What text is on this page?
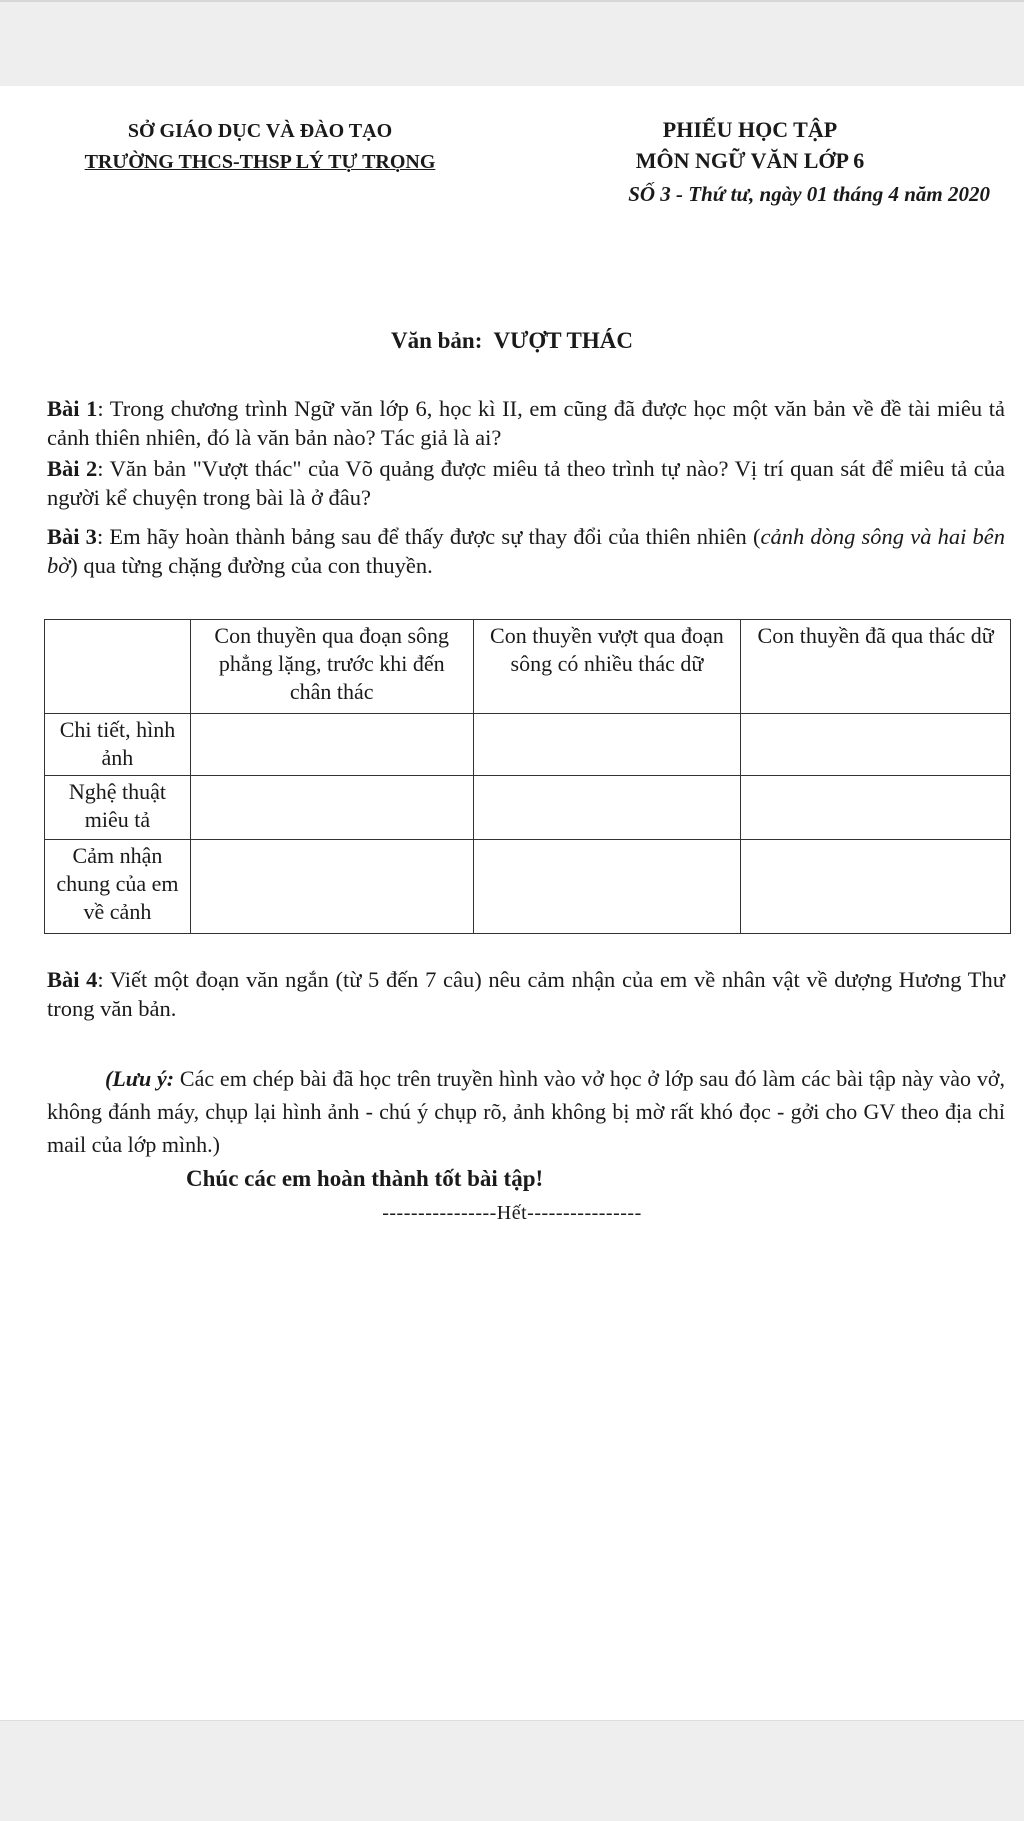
SỞ GIÁO DỤC VÀ ĐÀO TẠO
TRƯỜNG THCS-THSP LÝ TỰ TRỌNG
PHIẾU HỌC TẬP
MÔN NGỮ VĂN LỚP 6
SỐ 3 - Thứ tư, ngày 01 tháng 4 năm 2020
Văn bản: VƯỢT THÁC
Bài 1: Trong chương trình Ngữ văn lớp 6, học kì II, em cũng đã được học một văn bản về đề tài miêu tả cảnh thiên nhiên, đó là văn bản nào? Tác giả là ai?
Bài 2: Văn bản "Vượt thác" của Võ quảng được miêu tả theo trình tự nào? Vị trí quan sát để miêu tả của người kể chuyện trong bài là ở đâu?
Bài 3: Em hãy hoàn thành bảng sau để thấy được sự thay đổi của thiên nhiên (cảnh dòng sông và hai bên bờ) qua từng chặng đường của con thuyền.
	Con thuyền qua đoạn sông phẳng lặng, trước khi đến chân thác	Con thuyền vượt qua đoạn sông có nhiều thác dữ	Con thuyền đã qua thác dữ
Chi tiết, hình ảnh			
Nghệ thuật miêu tả			
Cảm nhận chung của em về cảnh			
Bài 4: Viết một đoạn văn ngắn (từ 5 đến 7 câu) nêu cảm nhận của em về nhân vật về dượng Hương Thư trong văn bản.
(Lưu ý: Các em chép bài đã học trên truyền hình vào vở học ở lớp sau đó làm các bài tập này vào vở, không đánh máy, chụp lại hình ảnh - chú ý chụp rõ, ảnh không bị mờ rất khó đọc - gởi cho GV theo địa chỉ mail của lớp mình.)
Chúc các em hoàn thành tốt bài tập!
----------------Hết----------------
